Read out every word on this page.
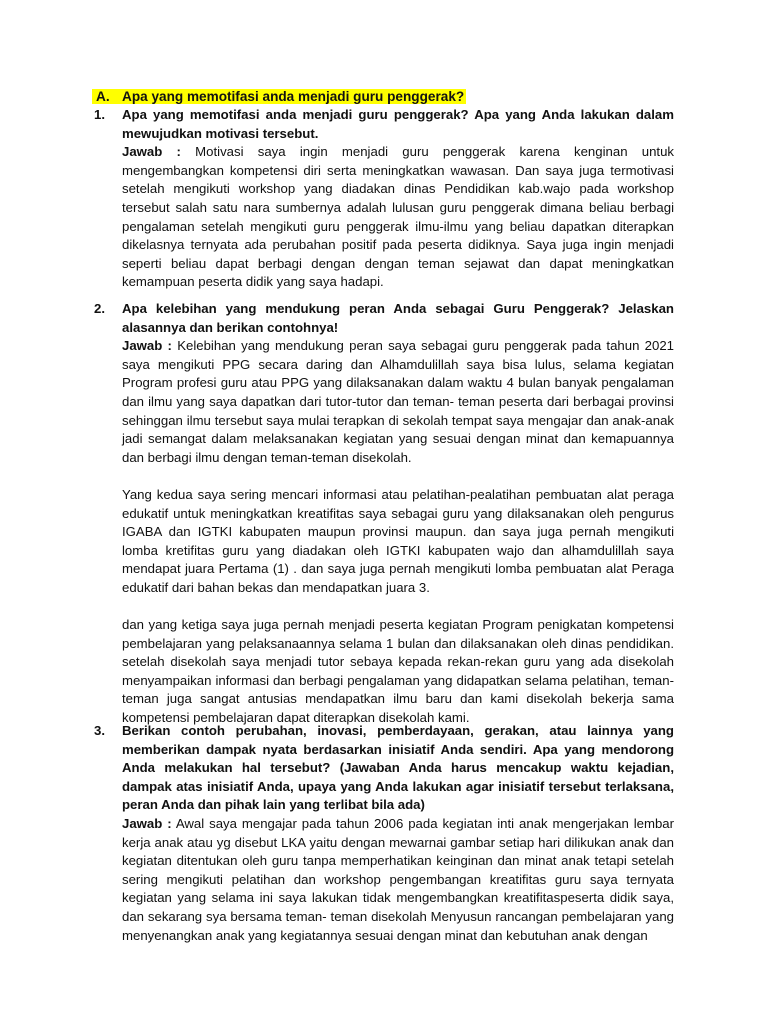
A. Apa yang memotifasi anda menjadi guru penggerak?
1.	Apa yang memotifasi anda menjadi guru penggerak? Apa yang Anda lakukan dalam mewujudkan motivasi tersebut.

Jawab : Motivasi saya ingin menjadi guru penggerak karena kenginan untuk mengembangkan kompetensi diri serta meningkatkan wawasan. Dan saya juga termotivasi setelah mengikuti workshop yang diadakan dinas Pendidikan kab.wajo pada workshop tersebut salah satu nara sumbernya adalah lulusan guru penggerak dimana beliau berbagi pengalaman setelah mengikuti guru penggerak ilmu-ilmu yang beliau dapatkan diterapkan dikelasnya ternyata ada perubahan positif pada peserta didiknya. Saya juga ingin menjadi seperti beliau dapat berbagi dengan dengan teman sejawat dan dapat meningkatkan kemampuan peserta didik yang saya hadapi.

2.	Apa kelebihan yang mendukung peran Anda sebagai Guru Penggerak? Jelaskan alasannya dan berikan contohnya!

Jawab : Kelebihan yang mendukung peran saya sebagai guru penggerak pada tahun 2021 saya mengikuti PPG secara daring dan Alhamdulillah saya bisa lulus, selama kegiatan Program profesi guru atau PPG yang dilaksanakan dalam waktu 4 bulan banyak pengalaman dan ilmu yang saya dapatkan dari tutor-tutor dan teman- teman peserta dari berbagai provinsi sehinggan ilmu tersebut saya mulai terapkan di sekolah tempat saya mengajar dan anak-anak jadi semangat dalam melaksanakan kegiatan yang sesuai dengan minat dan kemapuannya dan berbagi ilmu dengan teman-teman disekolah.

Yang kedua saya sering mencari informasi atau pelatihan-pealatihan pembuatan alat peraga edukatif untuk meningkatkan kreatifitas saya sebagai guru yang dilaksanakan oleh pengurus IGABA dan IGTKI kabupaten maupun provinsi maupun. dan saya juga pernah mengikuti lomba kretifitas guru yang diadakan oleh IGTKI kabupaten wajo dan alhamdulillah saya mendapat juara Pertama (1) . dan saya juga pernah mengikuti lomba pembuatan alat Peraga edukatif dari bahan bekas dan mendapatkan juara 3.

dan yang ketiga saya juga pernah menjadi peserta kegiatan Program penigkatan kompetensi pembelajaran yang pelaksanaannya selama 1 bulan dan dilaksanakan oleh dinas pendidikan. setelah disekolah saya menjadi tutor sebaya kepada rekan-rekan guru yang ada disekolah menyampaikan informasi dan berbagi pengalaman yang didapatkan selama pelatihan, teman-teman juga sangat antusias mendapatkan ilmu baru dan kami disekolah bekerja sama kompetensi pembelajaran dapat diterapkan disekolah kami.

3.	Berikan contoh perubahan, inovasi, pemberdayaan, gerakan, atau lainnya yang memberikan dampak nyata berdasarkan inisiatif Anda sendiri. Apa yang mendorong Anda melakukan hal tersebut? (Jawaban Anda harus mencakup waktu kejadian, dampak atas inisiatif Anda, upaya yang Anda lakukan agar inisiatif tersebut terlaksana, peran Anda dan pihak lain yang terlibat bila ada)

Jawab : Awal saya mengajar pada tahun 2006 pada kegiatan inti anak mengerjakan lembar kerja anak atau yg disebut LKA yaitu dengan mewarnai gambar setiap hari dilikukan anak dan kegiatan ditentukan oleh guru tanpa memperhatikan keinginan dan minat anak tetapi setelah sering mengikuti pelatihan dan workshop pengembangan kreatifitas guru saya ternyata kegiatan yang selama ini saya lakukan tidak mengembangkan kreatifitaspeserta didik saya, dan sekarang sya bersama teman- teman disekolah Menyusun rancangan pembelajaran yang menyenangkan anak yang kegiatannya sesuai dengan minat dan kebutuhan anak dengan
